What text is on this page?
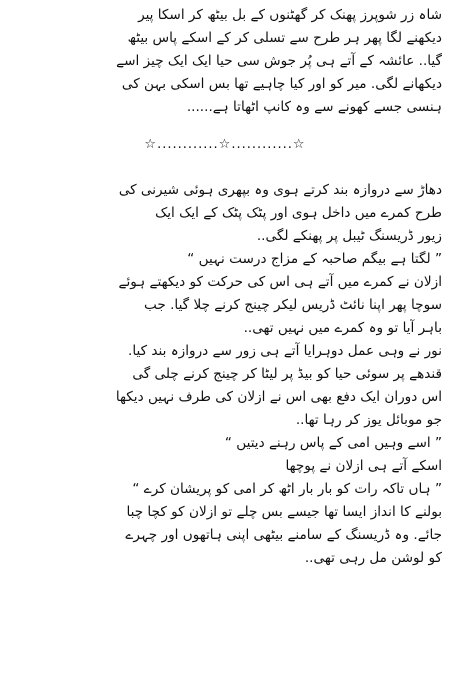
شاہ زر شوپرز پھنک کر گھٹنوں کے بل بیٹھ کر اسکا پیر
دیکھنے لگا پھر ہر طرح سے تسلی کر کے اسکے پاس بیٹھ
گیا.. عائشہ کے آتے ہی پُر جوش سی حیا ایک ایک چیز اسے
دیکھانے لگی. میر کو اور کیا چاہیے تھا بس اسکی بہن کی
ہنسی جسے کھونے سے وہ کانپ اٹھاتا ہے......
☆............☆............☆
دھاڑ سے دروازہ بند کرتے ہوی وہ بپھری ہوئی شیرنی کی
طرح کمرے میں داخل ہوی اور پٹک پٹک کے ایک ایک
زیور ڈریسنگ ٹیبل پر پھنکے لگی..
” لگتا ہے بیگم صاحبہ کے مزاج درست نہیں “
ازلان نے کمرے میں آتے ہی اس کی حرکت کو دیکھتے ہوئے
سوچا پھر اپنا نائٹ ڈریس لیکر چینج کرنے چلا گیا. جب
باہر آیا تو وہ کمرے میں نہیں تھی..
نور نے وہی عمل دوہرایا آتے ہی زور سے دروازہ بند کیا.
قندھے پر سوئی حیا کو بیڈ پر لیٹا کر چینج کرنے چلی گی
اس دوران ایک دفع بھی اس نے ازلان کی طرف نہیں دیکھا
جو موبائل یوز کر رہا تھا..
” اسے وہیں امی کے پاس رہنے دیتیں “
اسکے آتے ہی ازلان نے پوچھا
” ہاں تاکہ رات کو بار بار اٹھ کر امی کو پریشان کرے “
بولنے کا انداز ایسا تھا جیسے بس چلے تو ازلان کو کچا چبا
جائے. وہ ڈریسنگ کے سامنے بیٹھی اپنی ہاتھوں اور چہرے
کو لوشن مل رہی تھی..
